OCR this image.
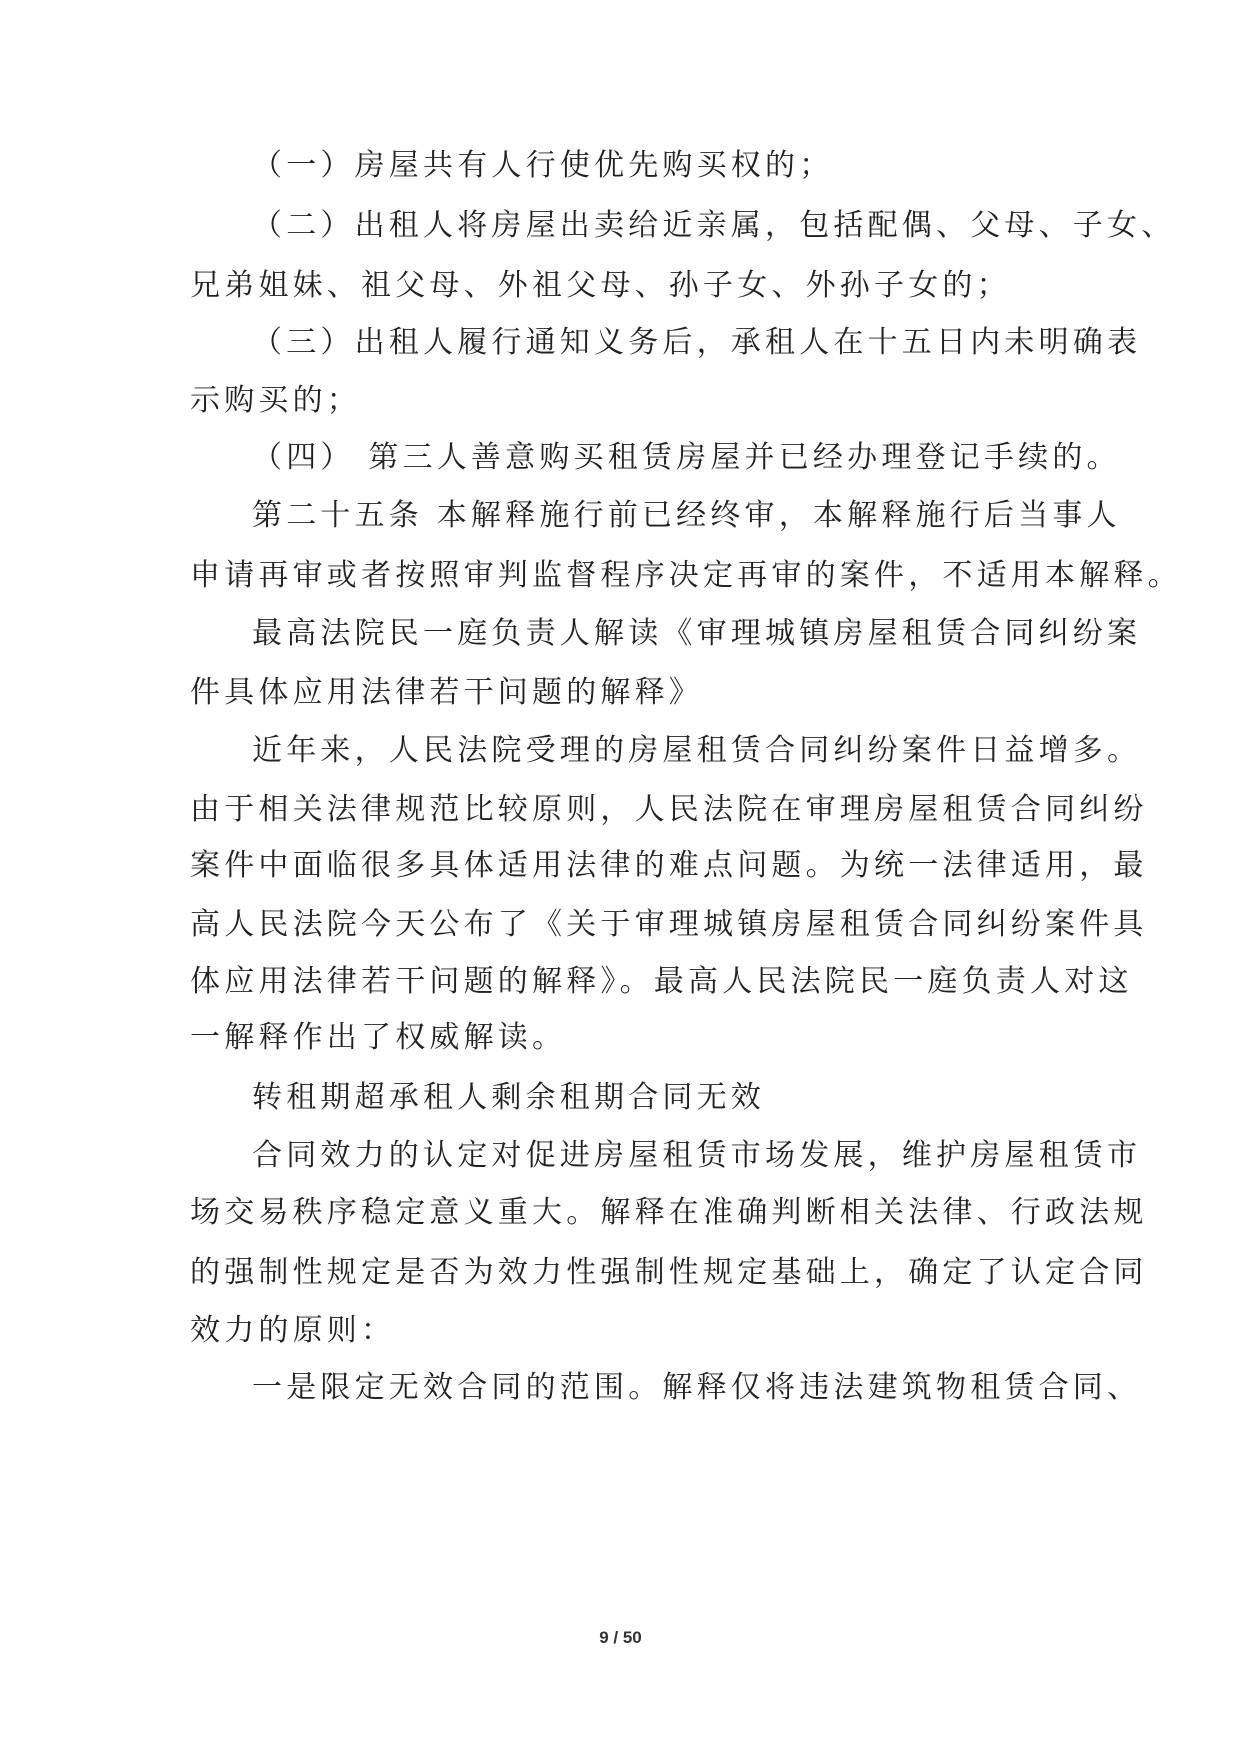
（一）房屋共有人行使优先购买权的；
（二）出租人将房屋出卖给近亲属，包括配偶、父母、子女、
兄弟姐妹、祖父母、外祖父母、孙子女、外孙子女的；
（三）出租人履行通知义务后，承租人在十五日内未明确表
示购买的；
（四） 第三人善意购买租赁房屋并已经办理登记手续的。
第二十五条 本解释施行前已经终审，本解释施行后当事人
申请再审或者按照审判监督程序决定再审的案件，不适用本解释。
最高法院民一庭负责人解读《审理城镇房屋租赁合同纠纷案
件具体应用法律若干问题的解释》
近年来，人民法院受理的房屋租赁合同纠纷案件日益增多。
由于相关法律规范比较原则，人民法院在审理房屋租赁合同纠纷
案件中面临很多具体适用法律的难点问题。为统一法律适用，最
高人民法院今天公布了《关于审理城镇房屋租赁合同纠纷案件具
体应用法律若干问题的解释》。最高人民法院民一庭负责人对这
一解释作出了权威解读。
转租期超承租人剩余租期合同无效
合同效力的认定对促进房屋租赁市场发展，维护房屋租赁市
场交易秩序稳定意义重大。解释在准确判断相关法律、行政法规
的强制性规定是否为效力性强制性规定基础上，确定了认定合同
效力的原则：
一是限定无效合同的范围。解释仅将违法建筑物租赁合同、
9 / 50
